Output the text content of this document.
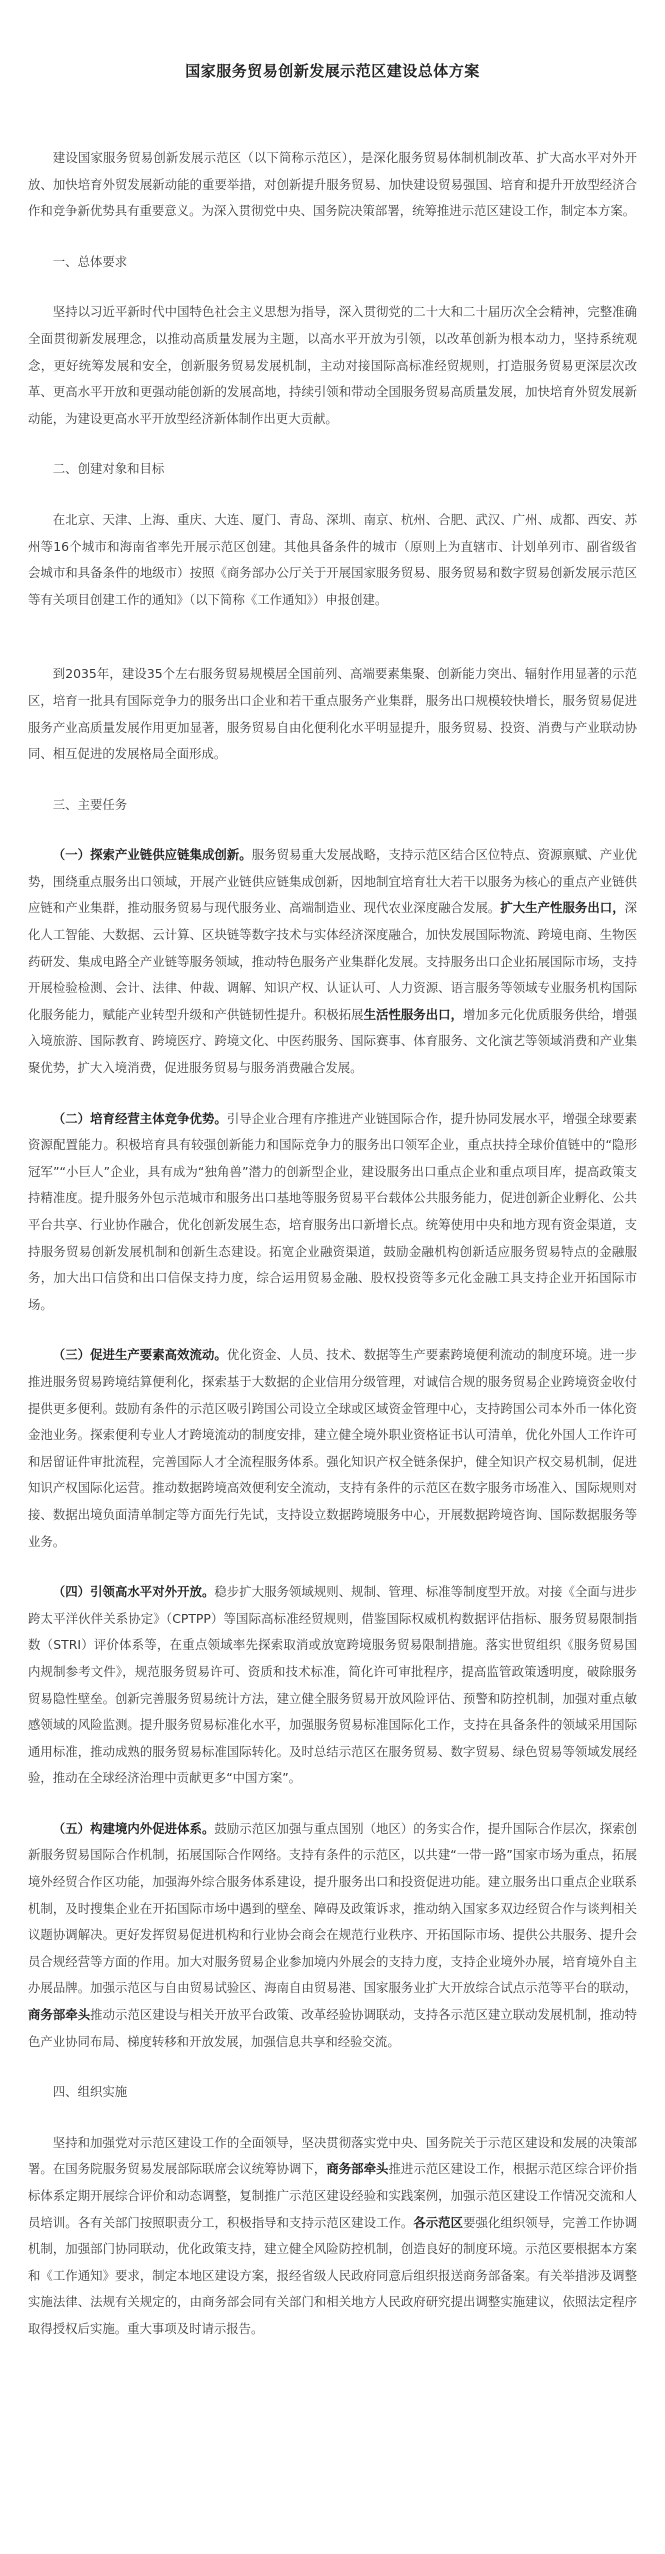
国家服务贸易创新发展示范区建设总体方案

建设国家服务贸易创新发展示范区（以下简称示范区），是深化服务贸易体制机制改革、扩大高水平对外开放、加快培育外贸发展新动能的重要举措，对创新提升服务贸易、加快建设贸易强国、培育和提升开放型经济合作和竞争新优势具有重要意义。为深入贯彻党中央、国务院决策部署，统筹推进示范区建设工作，制定本方案。

一、总体要求

坚持以习近平新时代中国特色社会主义思想为指导，深入贯彻党的二十大和二十届历次全会精神，完整准确全面贯彻新发展理念，以推动高质量发展为主题，以高水平开放为引领，以改革创新为根本动力，坚持系统观念，更好统筹发展和安全，创新服务贸易发展机制，主动对接国际高标准经贸规则，打造服务贸易更深层次改革、更高水平开放和更强动能创新的发展高地，持续引领和带动全国服务贸易高质量发展，加快培育外贸发展新动能，为建设更高水平开放型经济新体制作出更大贡献。

二、创建对象和目标

在北京、天津、上海、重庆、大连、厦门、青岛、深圳、南京、杭州、合肥、武汉、广州、成都、西安、苏州等16个城市和海南省率先开展示范区创建。其他具备条件的城市（原则上为直辖市、计划单列市、副省级省会城市和具备条件的地级市）按照《商务部办公厅关于开展国家服务贸易、服务贸易和数字贸易创新发展示范区等有关项目创建工作的通知》（以下简称《工作通知》）申报创建。

到2035年，建设35个左右服务贸易规模居全国前列、高端要素集聚、创新能力突出、辐射作用显著的示范区，培育一批具有国际竞争力的服务出口企业和若干重点服务产业集群，服务出口规模较快增长，服务贸易促进服务产业高质量发展作用更加显著，服务贸易自由化便利化水平明显提升，服务贸易、投资、消费与产业联动协同、相互促进的发展格局全面形成。

三、主要任务

（一）探索产业链供应链集成创新。服务贸易重大发展战略，支持示范区结合区位特点、资源禀赋、产业优势，围绕重点服务出口领域，开展产业链供应链集成创新，因地制宜培育壮大若干以服务为核心的重点产业链供应链和产业集群，推动服务贸易与现代服务业、高端制造业、现代农业深度融合发展。扩大生产性服务出口，深化人工智能、大数据、云计算、区块链等数字技术与实体经济深度融合，加快发展国际物流、跨境电商、生物医药研发、集成电路全产业链等服务领域，推动特色服务产业集群化发展。支持服务出口企业拓展国际市场，支持开展检验检测、会计、法律、仲裁、调解、知识产权、认证认可、人力资源、语言服务等领域专业服务机构国际化服务能力，赋能产业转型升级和产供链韧性提升。积极拓展生活性服务出口，增加多元化优质服务供给，增强入境旅游、国际教育、跨境医疗、跨境文化、中医药服务、国际赛事、体育服务、文化演艺等领域消费和产业集聚优势，扩大入境消费，促进服务贸易与服务消费融合发展。

（二）培育经营主体竞争优势。引导企业合理有序推进产业链国际合作，提升协同发展水平，增强全球要素资源配置能力。积极培育具有较强创新能力和国际竞争力的服务出口领军企业，重点扶持全球价值链中的“隐形冠军”“小巨人”企业，具有成为“独角兽”潜力的创新型企业，建设服务出口重点企业和重点项目库，提高政策支持精准度。提升服务外包示范城市和服务出口基地等服务贸易平台载体公共服务能力，促进创新企业孵化、公共平台共享、行业协作融合，优化创新发展生态，培育服务出口新增长点。统筹使用中央和地方现有资金渠道，支持服务贸易创新发展机制和创新生态建设。拓宽企业融资渠道，鼓励金融机构创新适应服务贸易特点的金融服务，加大出口信贷和出口信保支持力度，综合运用贸易金融、股权投资等多元化金融工具支持企业开拓国际市场。

（三）促进生产要素高效流动。优化资金、人员、技术、数据等生产要素跨境便利流动的制度环境。进一步推进服务贸易跨境结算便利化，探索基于大数据的企业信用分级管理，对诚信合规的服务贸易企业跨境资金收付提供更多便利。鼓励有条件的示范区吸引跨国公司设立全球或区域资金管理中心，支持跨国公司本外币一体化资金池业务。探索便利专业人才跨境流动的制度安排，建立健全境外职业资格证书认可清单，优化外国人工作许可和居留证件审批流程，完善国际人才全流程服务体系。强化知识产权全链条保护，健全知识产权交易机制，促进知识产权国际化运营。推动数据跨境高效便利安全流动，支持有条件的示范区在数字服务市场准入、国际规则对接、数据出境负面清单制定等方面先行先试，支持设立数据跨境服务中心，开展数据跨境咨询、国际数据服务等业务。

（四）引领高水平对外开放。稳步扩大服务领域规则、规制、管理、标准等制度型开放。对接《全面与进步跨太平洋伙伴关系协定》（CPTPP）等国际高标准经贸规则，借鉴国际权威机构数据评估指标、服务贸易限制指数（STRI）评价体系等，在重点领域率先探索取消或放宽跨境服务贸易限制措施。落实世贸组织《服务贸易国内规制参考文件》，规范服务贸易许可、资质和技术标准，简化许可审批程序，提高监管政策透明度，破除服务贸易隐性壁垒。创新完善服务贸易统计方法，建立健全服务贸易开放风险评估、预警和防控机制，加强对重点敏感领域的风险监测。提升服务贸易标准化水平，加强服务贸易标准国际化工作，支持在具备条件的领域采用国际通用标准，推动成熟的服务贸易标准国际转化。及时总结示范区在服务贸易、数字贸易、绿色贸易等领域发展经验，推动在全球经济治理中贡献更多“中国方案”。

（五）构建境内外促进体系。鼓励示范区加强与重点国别（地区）的务实合作，提升国际合作层次，探索创新服务贸易国际合作机制，拓展国际合作网络。支持有条件的示范区，以共建“一带一路”国家市场为重点，拓展境外经贸合作区功能，加强海外综合服务体系建设，提升服务出口和投资促进功能。建立服务出口重点企业联系机制，及时搜集企业在开拓国际市场中遇到的壁垒、障碍及政策诉求，推动纳入国家多双边经贸合作与谈判相关议题协调解决。更好发挥贸易促进机构和行业协会商会在规范行业秩序、开拓国际市场、提供公共服务、提升会员合规经营等方面的作用。加大对服务贸易企业参加境内外展会的支持力度，支持企业境外办展，培育境外自主办展品牌。加强示范区与自由贸易试验区、海南自由贸易港、国家服务业扩大开放综合试点示范等平台的联动，商务部牵头推动示范区建设与相关开放平台政策、改革经验协调联动，支持各示范区建立联动发展机制，推动特色产业协同布局、梯度转移和开放发展，加强信息共享和经验交流。

四、组织实施

坚持和加强党对示范区建设工作的全面领导，坚决贯彻落实党中央、国务院关于示范区建设和发展的决策部署。在国务院服务贸易发展部际联席会议统筹协调下，商务部牵头推进示范区建设工作，根据示范区综合评价指标体系定期开展综合评价和动态调整，复制推广示范区建设经验和实践案例，加强示范区建设工作情况交流和人员培训。各有关部门按照职责分工，积极指导和支持示范区建设工作。各示范区要强化组织领导，完善工作协调机制，加强部门协同联动，优化政策支持，建立健全风险防控机制，创造良好的制度环境。示范区要根据本方案和《工作通知》要求，制定本地区建设方案，报经省级人民政府同意后组织报送商务部备案。有关举措涉及调整实施法律、法规有关规定的，由商务部会同有关部门和相关地方人民政府研究提出调整实施建议，依照法定程序取得授权后实施。重大事项及时请示报告。
